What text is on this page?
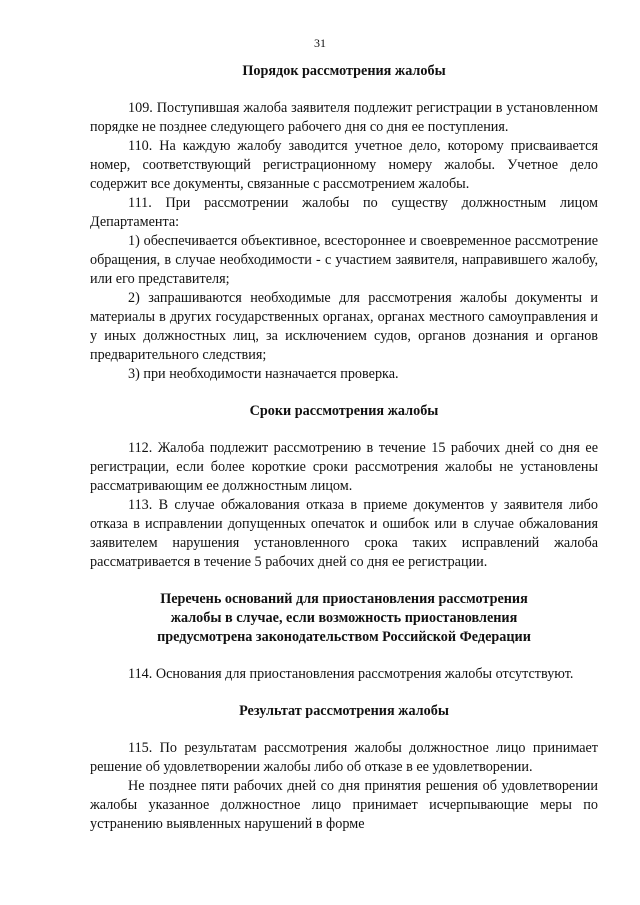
31

Порядок рассмотрения жалобы

109. Поступившая жалоба заявителя подлежит регистрации в установленном порядке не позднее следующего рабочего дня со дня ее поступления.

110. На каждую жалобу заводится учетное дело, которому присваивается номер, соответствующий регистрационному номеру жалобы. Учетное дело содержит все документы, связанные с рассмотрением жалобы.

111. При рассмотрении жалобы по существу должностным лицом Департамента:

1) обеспечивается объективное, всестороннее и своевременное рассмотрение обращения, в случае необходимости - с участием заявителя, направившего жалобу, или его представителя;

2) запрашиваются необходимые для рассмотрения жалобы документы и материалы в других государственных органах, органах местного самоуправления и у иных должностных лиц, за исключением судов, органов дознания и органов предварительного следствия;

3) при необходимости назначается проверка.

Сроки рассмотрения жалобы

112. Жалоба подлежит рассмотрению в течение 15 рабочих дней со дня ее регистрации, если более короткие сроки рассмотрения жалобы не установлены рассматривающим ее должностным лицом.

113. В случае обжалования отказа в приеме документов у заявителя либо отказа в исправлении допущенных опечаток и ошибок или в случае обжалования заявителем нарушения установленного срока таких исправлений жалоба рассматривается в течение 5 рабочих дней со дня ее регистрации.

Перечень оснований для приостановления рассмотрения

жалобы в случае, если возможность приостановления

предусмотрена законодательством Российской Федерации

114. Основания для приостановления рассмотрения жалобы отсутствуют.

Результат рассмотрения жалобы

115. По результатам рассмотрения жалобы должностное лицо принимает решение об удовлетворении жалобы либо об отказе в ее удовлетворении.

Не позднее пяти рабочих дней со дня принятия решения об удовлетворении жалобы указанное должностное лицо принимает исчерпывающие меры по устранению выявленных нарушений в форме
